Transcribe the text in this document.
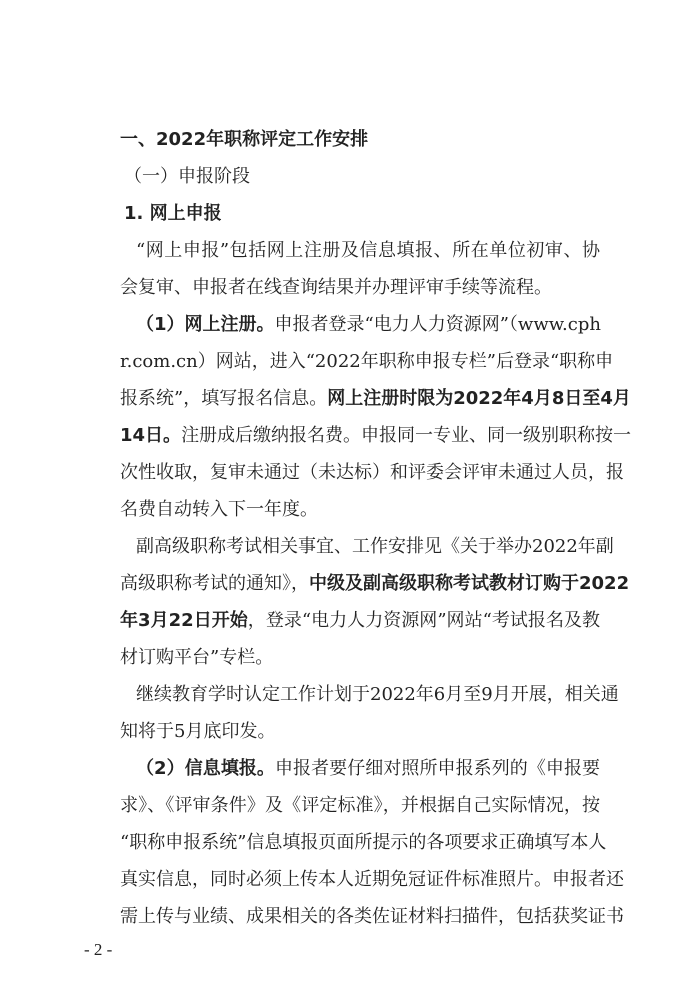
一、2022年职称评定工作安排
（一）申报阶段
1. 网上申报
“网上申报”包括网上注册及信息填报、所在单位初审、协
会复审、申报者在线查询结果并办理评审手续等流程。
（1）网上注册。申报者登录“电力人力资源网”（www.cph
r.com.cn）网站，进入“2022年职称申报专栏”后登录“职称申
报系统”，填写报名信息。网上注册时限为2022年4月8日至4月
14日。注册成后缴纳报名费。申报同一专业、同一级别职称按一
次性收取，复审未通过（未达标）和评委会评审未通过人员，报
名费自动转入下一年度。
副高级职称考试相关事宜、工作安排见《关于举办2022年副
高级职称考试的通知》，中级及副高级职称考试教材订购于2022
年3月22日开始，登录“电力人力资源网”网站“考试报名及教
材订购平台”专栏。
继续教育学时认定工作计划于2022年6月至9月开展，相关通
知将于5月底印发。
（2）信息填报。申报者要仔细对照所申报系列的《申报要
求》、《评审条件》及《评定标准》，并根据自己实际情况，按
“职称申报系统”信息填报页面所提示的各项要求正确填写本人
真实信息，同时必须上传本人近期免冠证件标准照片。申报者还
需上传与业绩、成果相关的各类佐证材料扫描件，包括获奖证书
- 2 -
